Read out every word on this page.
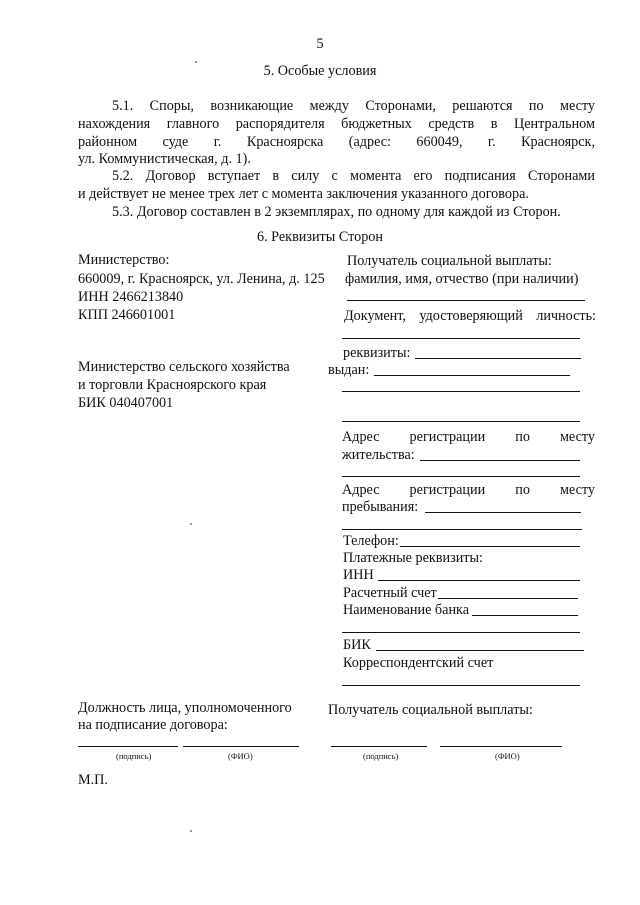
5
5. Особые условия
5.1. Споры, возникающие между Сторонами, решаются по месту
нахождения главного распорядителя бюджетных средств в Центральном
районном суде г. Красноярска (адрес: 660049, г. Красноярск,
ул. Коммунистическая, д. 1).
5.2. Договор вступает в силу с момента его подписания Сторонами
и действует не менее трех лет с момента заключения указанного договора.
5.3. Договор составлен в 2 экземплярах, по одному для каждой из Сторон.
6. Реквизиты Сторон
Министерство:
660009, г. Красноярск, ул. Ленина, д. 125
ИНН 2466213840
КПП 246601001
Министерство сельского хозяйства
и торговли Красноярского края
БИК 040407001
Получатель социальной выплаты:
фамилия, имя, отчество (при наличии)
Документ, удостоверяющий личность:
реквизиты:
выдан:
Адрес регистрации по месту
жительства:
Адрес регистрации по месту
пребывания:
Телефон:
Платежные реквизиты:
ИНН
Расчетный счет
Наименование банка
БИК
Корреспондентский счет
Должность лица, уполномоченного
на подписание договора:
Получатель социальной выплаты:
(подпись)	(ФИО)	(подпись)	(ФИО)
М.П.
